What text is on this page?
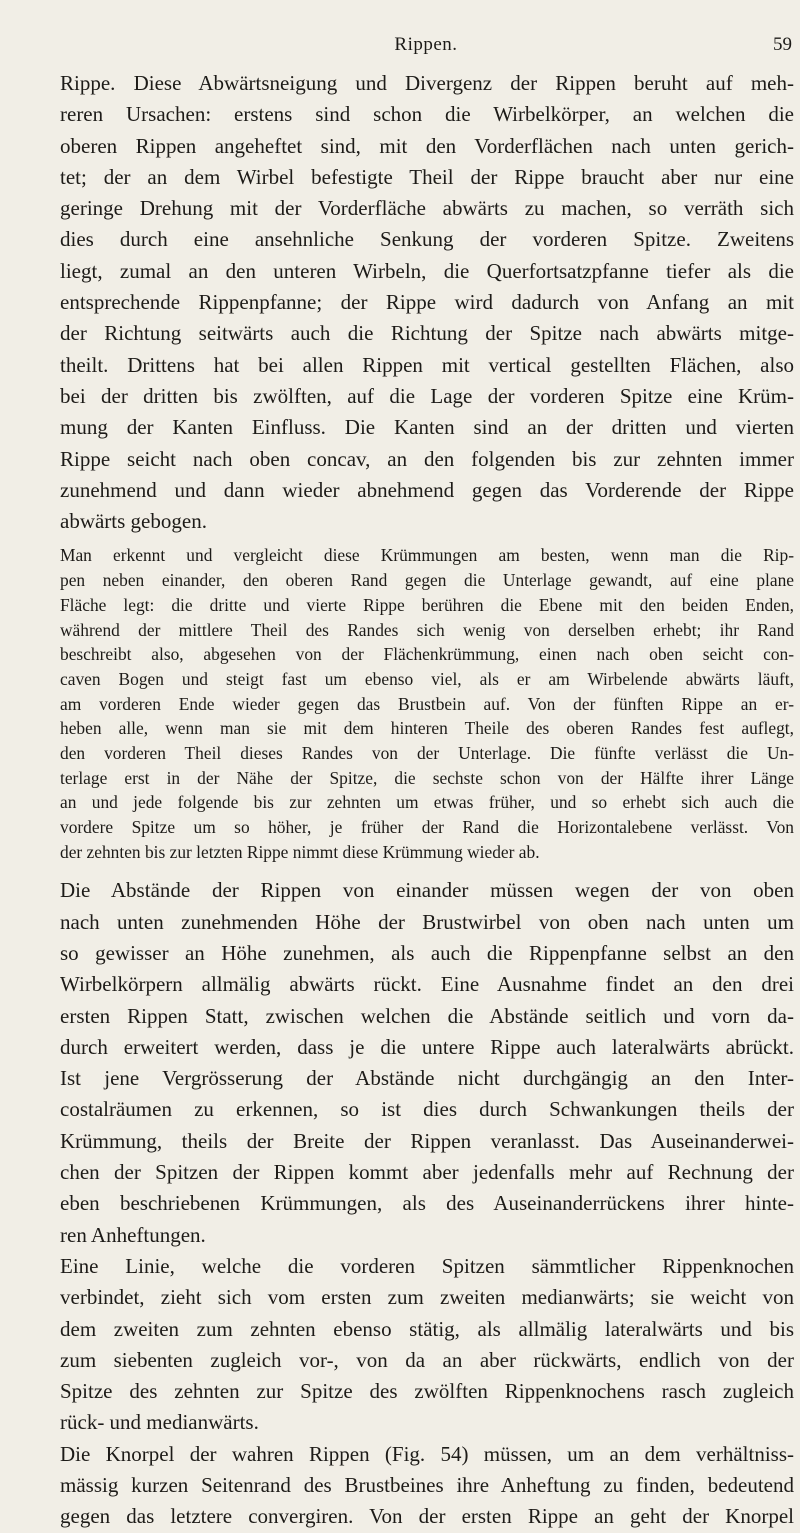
Rippen.	59
Rippe. Diese Abwärtsneigung und Divergenz der Rippen beruht auf meh-
reren Ursachen: erstens sind schon die Wirbelkörper, an welchen die
oberen Rippen angeheftet sind, mit den Vorderflächen nach unten gerich-
tet; der an dem Wirbel befestigte Theil der Rippe braucht aber nur eine
geringe Drehung mit der Vorderfläche abwärts zu machen, so verräth sich
dies durch eine ansehnliche Senkung der vorderen Spitze. Zweitens
liegt, zumal an den unteren Wirbeln, die Querfortsatzpfanne tiefer als die
entsprechende Rippenpfanne; der Rippe wird dadurch von Anfang an mit
der Richtung seitwärts auch die Richtung der Spitze nach abwärts mitge-
theilt. Drittens hat bei allen Rippen mit vertical gestellten Flächen, also
bei der dritten bis zwölften, auf die Lage der vorderen Spitze eine Krüm-
mung der Kanten Einfluss. Die Kanten sind an der dritten und vierten
Rippe seicht nach oben concav, an den folgenden bis zur zehnten immer
zunehmend und dann wieder abnehmend gegen das Vorderende der Rippe
abwärts gebogen.
Man erkennt und vergleicht diese Krümmungen am besten, wenn man die Rip-
pen neben einander, den oberen Rand gegen die Unterlage gewandt, auf eine plane
Fläche legt: die dritte und vierte Rippe berühren die Ebene mit den beiden Enden,
während der mittlere Theil des Randes sich wenig von derselben erhebt; ihr Rand
beschreibt also, abgesehen von der Flächenkrümmung, einen nach oben seicht con-
caven Bogen und steigt fast um ebenso viel, als er am Wirbelende abwärts läuft,
am vorderen Ende wieder gegen das Brustbein auf. Von der fünften Rippe an er-
heben alle, wenn man sie mit dem hinteren Theile des oberen Randes fest auflegt,
den vorderen Theil dieses Randes von der Unterlage. Die fünfte verlässt die Un-
terlage erst in der Nähe der Spitze, die sechste schon von der Hälfte ihrer Länge
an und jede folgende bis zur zehnten um etwas früher, und so erhebt sich auch die
vordere Spitze um so höher, je früher der Rand die Horizontalebene verlässt. Von
der zehnten bis zur letzten Rippe nimmt diese Krümmung wieder ab.
Die Abstände der Rippen von einander müssen wegen der von oben
nach unten zunehmenden Höhe der Brustwirbel von oben nach unten um
so gewisser an Höhe zunehmen, als auch die Rippenpfanne selbst an den
Wirbelkörpern allmälig abwärts rückt. Eine Ausnahme findet an den drei
ersten Rippen Statt, zwischen welchen die Abstände seitlich und vorn da-
durch erweitert werden, dass je die untere Rippe auch lateralwärts abrückt.
Ist jene Vergrösserung der Abstände nicht durchgängig an den Inter-
costalräumen zu erkennen, so ist dies durch Schwankungen theils der
Krümmung, theils der Breite der Rippen veranlasst. Das Auseinanderwei-
chen der Spitzen der Rippen kommt aber jedenfalls mehr auf Rechnung der
eben beschriebenen Krümmungen, als des Auseinanderrückens ihrer hinte-
ren Anheftungen.
Eine Linie, welche die vorderen Spitzen sämmtlicher Rippenknochen
verbindet, zieht sich vom ersten zum zweiten medianwärts; sie weicht von
dem zweiten zum zehnten ebenso stätig, als allmälig lateralwärts und bis
zum siebenten zugleich vor-, von da an aber rückwärts, endlich von der
Spitze des zehnten zur Spitze des zwölften Rippenknochens rasch zugleich
rück- und medianwärts.
Die Knorpel der wahren Rippen (Fig. 54) müssen, um an dem verhältniss-
mässig kurzen Seitenrand des Brustbeines ihre Anheftung zu finden, bedeutend
gegen das letztere convergiren. Von der ersten Rippe an geht der Knorpel
